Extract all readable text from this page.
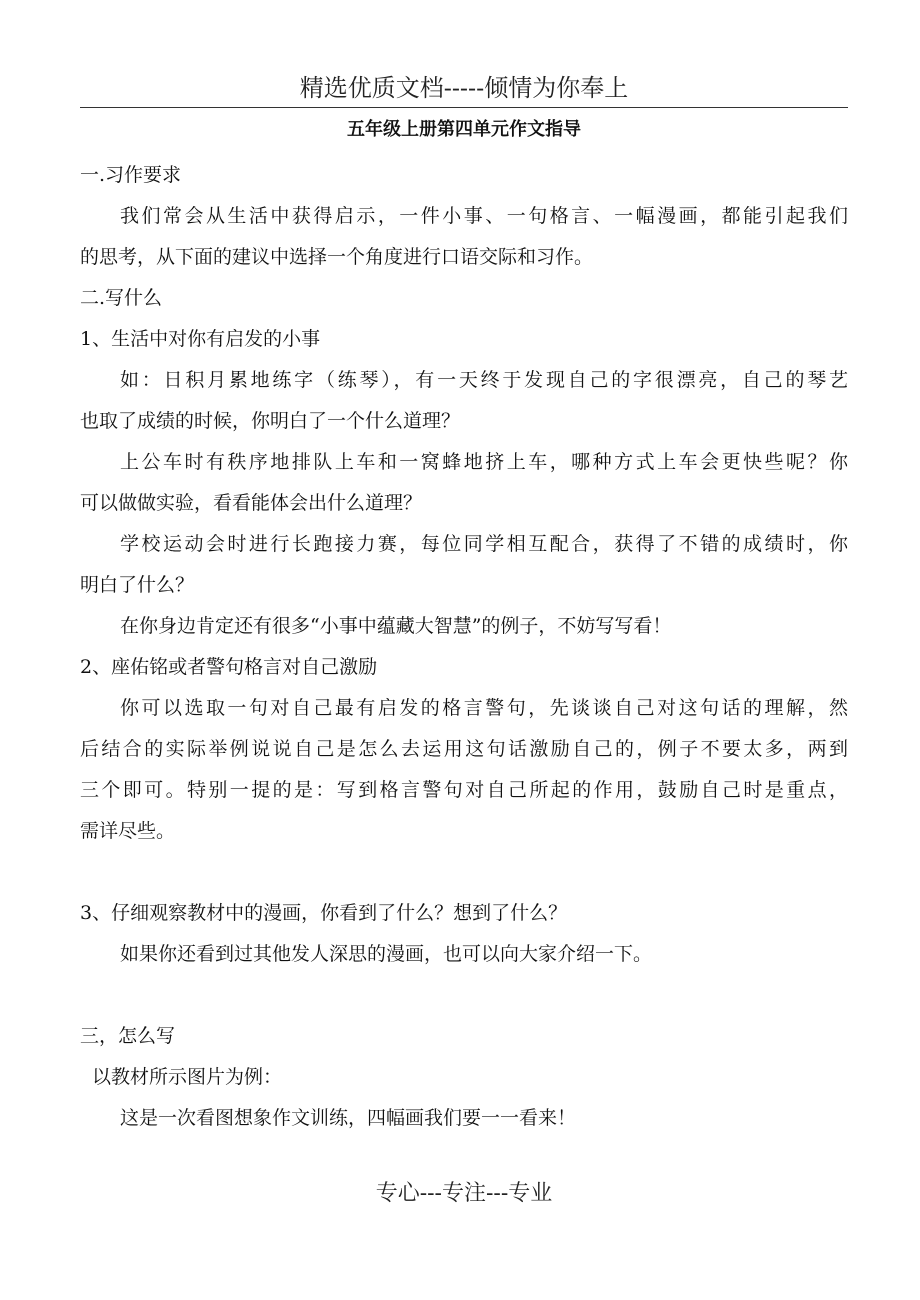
精选优质文档-----倾情为你奉上
五年级上册第四单元作文指导

一.习作要求

我们常会从生活中获得启示，一件小事、一句格言、一幅漫画，都能引起我们

的思考，从下面的建议中选择一个角度进行口语交际和习作。

二.写什么

1、生活中对你有启发的小事

如：日积月累地练字（练琴），有一天终于发现自己的字很漂亮，自己的琴艺

也取了成绩的时候，你明白了一个什么道理？

上公车时有秩序地排队上车和一窝蜂地挤上车，哪种方式上车会更快些呢？你

可以做做实验，看看能体会出什么道理？

学校运动会时进行长跑接力赛，每位同学相互配合，获得了不错的成绩时，你

明白了什么？

在你身边肯定还有很多“小事中蕴藏大智慧”的例子，不妨写写看！

2、座佑铭或者警句格言对自己激励

你可以选取一句对自己最有启发的格言警句，先谈谈自己对这句话的理解，然

后结合的实际举例说说自己是怎么去运用这句话激励自己的，例子不要太多，两到

三个即可。特别一提的是：写到格言警句对自己所起的作用，鼓励自己时是重点，

需详尽些。

3、仔细观察教材中的漫画，你看到了什么？想到了什么？

如果你还看到过其他发人深思的漫画，也可以向大家介绍一下。

三，怎么写

以教材所示图片为例：

这是一次看图想象作文训练，四幅画我们要一一看来！

专心---专注---专业
